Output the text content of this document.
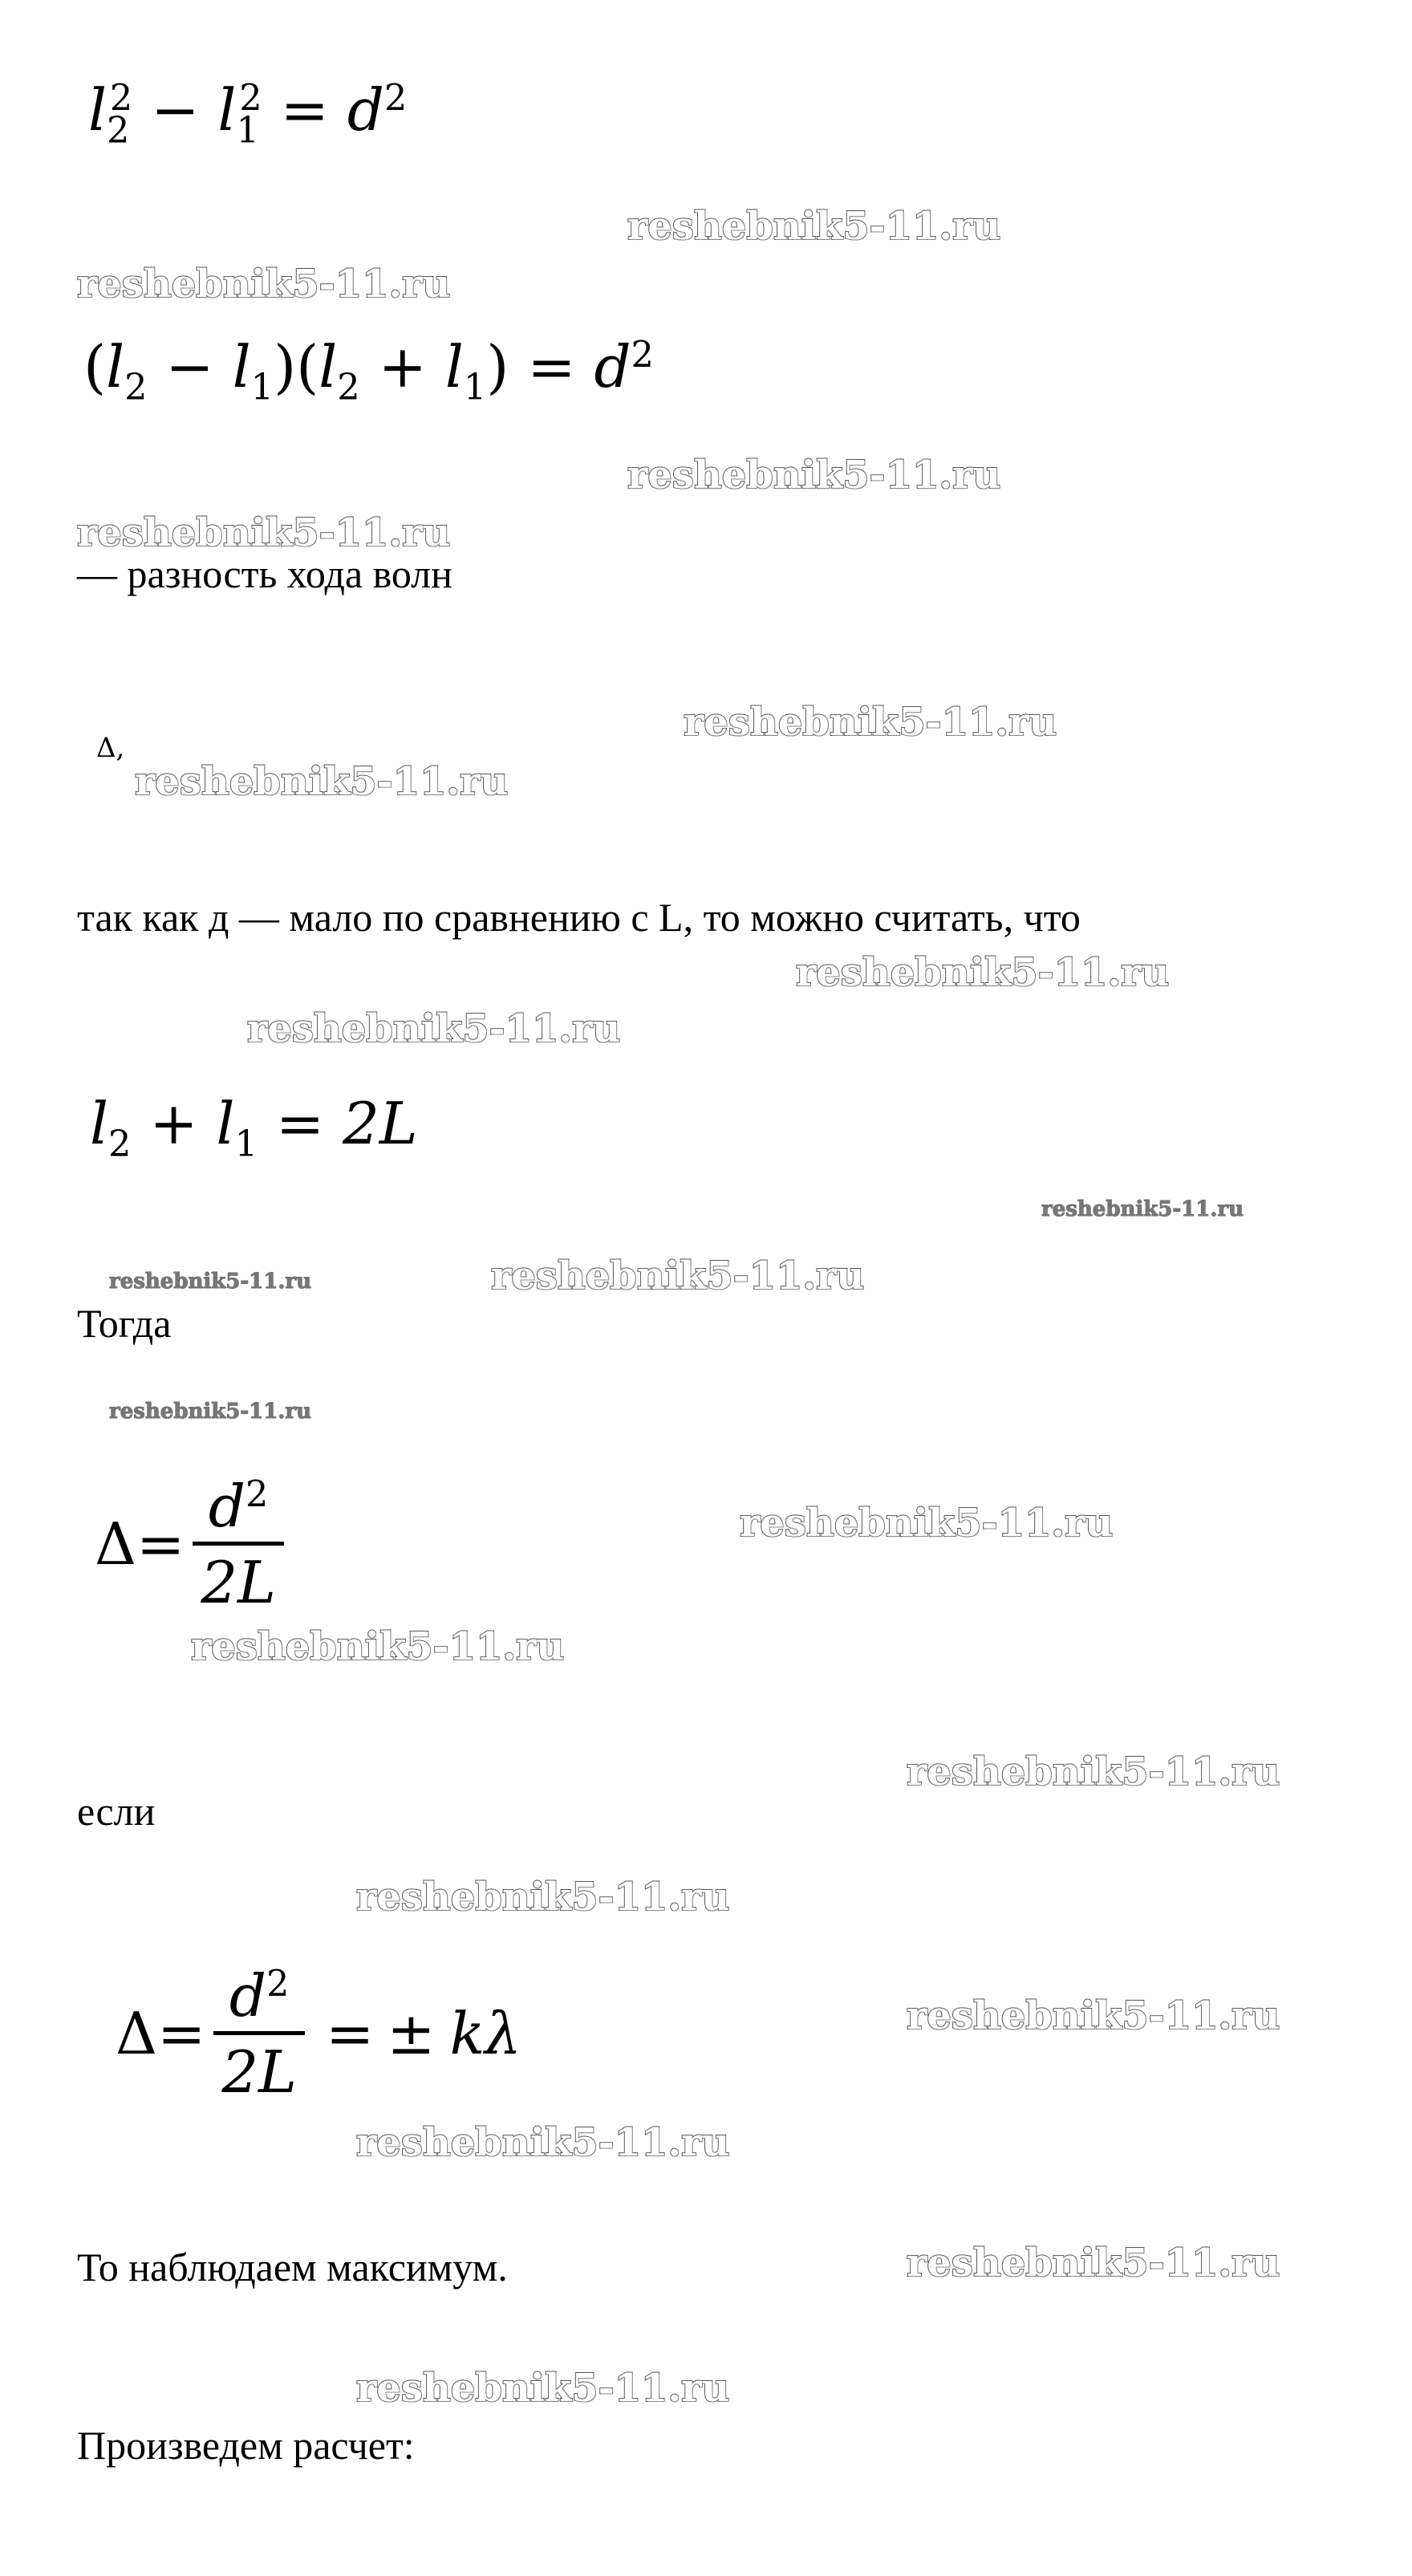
$l_2^2 - l_1^2 = d^2$
reshebnik5-11.ru
reshebnik5-11.ru
$(l_2 - l_1)(l_2 + l_1) = d^2$
reshebnik5-11.ru
reshebnik5-11.ru
— разность хода волн
reshebnik5-11.ru
Δ,
reshebnik5-11.ru
так как д — мало по сравнению с L, то можно считать, что
reshebnik5-11.ru
reshebnik5-11.ru
$l_2 + l_1 = 2L$
reshebnik5-11.ru
reshebnik5-11.ru	reshebnik5-11.ru
Тогда
reshebnik5-11.ru
Δ =
$d^2$
2L
reshebnik5-11.ru
reshebnik5-11.ru
reshebnik5-11.ru
если
reshebnik5-11.ru
Δ =
$d^2$
2L
= ± k λ	reshebnik5-11.ru
reshebnik5-11.ru
То наблюдаем максимум.	reshebnik5-11.ru
reshebnik5-11.ru
Произведем расчет:
